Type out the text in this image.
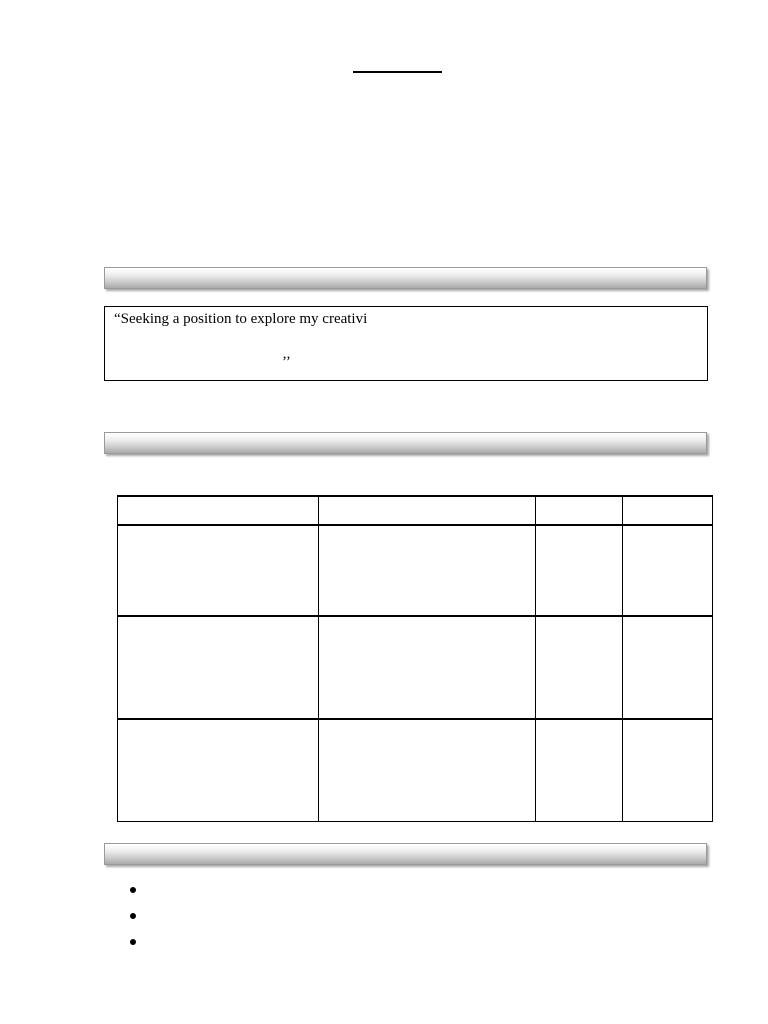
“Seeking a position to explore my creativi
’’
